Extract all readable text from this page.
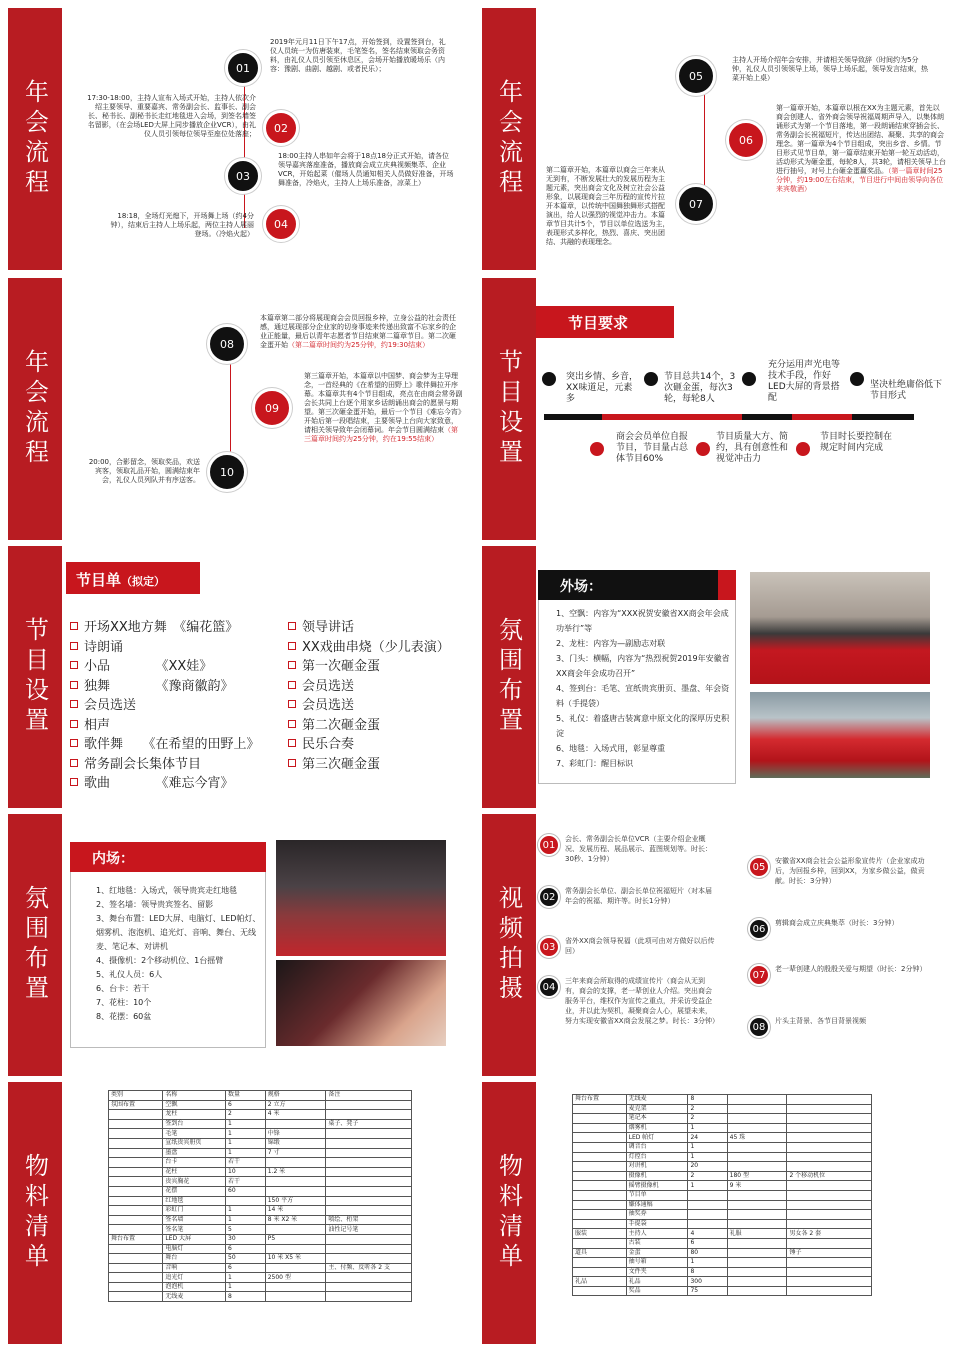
年会流程
01
2019年元月11日下午17点，开始签到，设置签到台，礼仪人员统一为仿唐装束，毛笔签名，签名结束领取会务资料，由礼仪人员引领至休息区，会场开始播放暖场乐（内容：豫剧、曲剧、越剧、或者民乐）；
02
17:30-18:00，主持人宣布入场式开始，主持人依次介绍主要领导、重要嘉宾、常务副会长、监事长、副会长、秘书长、副秘书长走红地毯进入会场，到签名墙签名留影，（在会场LED大屏上同步播放企业VCR），由礼仪人员引领每位领导至座位处落座；
03
18:00主持人串如年会将于18点18分正式开始，请各位领导嘉宾落座准备，播放商会成立庆典视频集萃、企业VCR，开始起菜（催场人员通知相关人员做好准备，开场舞准备，冷焰火，主持人上场乐准备，凉菜上）
04
18:18，全场灯光熄下，开场舞上场（约4分钟），结束后主持人上场乐起，两位主持人展丽登场。（冷焰火起）
年会流程
05
主持人开场介绍年会安排，并请相关领导致辞（时间约为5分钟，礼仪人员引领领导上场，领导上场乐起，领导发言结束，热菜开始上桌）
06
第一篇章开始，本篇章以根在XX为主题元素，首先以商会创建人、省外商会领导祝福周期声导入，以集体朗诵形式为第一个节目落地，第一段朗诵结束穿插会长、常务副会长祝福短片，传达出团结、凝聚、共享的商会理念。第一篇章为4个节目组成，突出乡音、乡情。节目形式见节目单，第一篇章结束开始第一轮互动活动，活动形式为砸金蛋，每轮8人，共3轮，请相关领导上台进行抽号，对号上台砸金蛋赢奖品。（第一篇章时间25分钟，约19:00左右结束，节目进行中间由领导向各位来宾敬酒）
07
第二篇章开始，本篇章以商会三年来从无到有，不断发展壮大的发展历程为主题元素，突出商会文化及树立社会公益形象，以展现商会三年历程的宣传片拉开本篇章，以传统中国舞独舞形式搭配演出，给人以强烈的视觉冲击力。本篇章节目共计5个，节目以单位选送为主，表现形式多样化，热烈、喜庆、突出团结、共融的表现理念。
年会流程
08
本篇章第二部分将展现商会会员回报乡梓，立身公益的社会责任感，通过展现部分企业家的切身事迹来传递出致富不忘家乡的企业正能量，最后以青年志愿者节目结束第二篇章节目。第二次砸金蛋开始（第二篇章时间约为25分钟，约19:30结束）
09
第三篇章开始，本篇章以中国梦、商会梦为主导理念，一首经典的《在希望的田野上》歌伴舞拉开序幕。本篇章共有4个节目组成，亮点在由商会常务副会长共同上台逐个用家乡话朗诵出商会的愿景与期望。第三次砸金蛋开始，最后一个节目《难忘今宵》开始后第一段唱结束，主要领导上台向大家致意，请相关领导致年会闭幕词。年会节目圆满结束（第三篇章时间约为25分钟，约在19:55结束）
10
20:00，合影留念，领取奖品，欢送宾客，领取礼品开始，圆满结束年会，礼仪人员列队并有序送客。
节目设置
节目要求
突出乡情、乡音，XX味道足，元素多
节目总共14个，3次砸金蛋，每次3轮，每轮8人
充分运用声光电等技术手段，作好LED大屏的背景搭配
坚决杜绝庸俗低下节目形式
商会会员单位自报节目，节目量占总体节目60%
节目质量大方、简约，具有创意性和视觉冲击力
节目时长要控制在规定时间内完成
节目设置
节目单（拟定）
开场XX地方舞　《编花篮》
诗朗诵
小品　　　　《XX娃》
独舞　　　　《豫商徽韵》
会员选送
相声
歌伴舞　　《在希望的田野上》
常务副会长集体节目
歌曲　　　　《难忘今宵》
领导讲话
XX戏曲串烧（少儿表演）
第一次砸金蛋
会员选送
会员选送
第二次砸金蛋
民乐合奏
第三次砸金蛋
氛围布置
外场：
1、空飘：内容为“XXX祝贺安徽省XX商会年会成功举行”等
2、龙柱：内容为—副励志对联
3、门头：横幅，内容为“热烈祝贺2019年安徽省XX商会年会成功召开”
4、签到台：毛笔、宣纸贵宾册页、墨盘、年会资料（手提袋）
5、礼仪：着盛唐古装寓意中原文化的深厚历史积淀
6、地毯：入场式用，彰显尊重
7、彩虹门：醒目标识
氛围布置
内场：
1、红地毯：入场式，领导贵宾走红地毯
2、签名墙：领导贵宾签名、留影
3、舞台布置：LED大屏、电脑灯、LED帕灯、烟雾机、泡泡机、追光灯、音响、舞台、无线麦、笔记本、对讲机
4、摄像机：2个移动机位、1台摇臂
5、礼仪人员：6人
6、台卡：若干
7、花柱：10个
8、花摆：60盆
视频拍摄
01
会长、常务副会长单位VCR（主要介绍企业概况、发展历程、展品展示、蓝图规划等。时长：30秒、1分钟）
02
常务副会长单位、副会长单位祝福短片（对本届年会的祝福、期许等。时长1分钟）
03
省外XX商会领导祝福（此项可由对方做好以后传回）
04
三年来商会所取得的成绩宣传片（商会从无到有，商会的支撑，老一辈创业人介绍。突出商会服务平台，维权作为宣传之重点，并采访受益企业，并以此为契机，凝聚商会人心，展望未来，努力实现安徽省XX商会发展之梦。时长：3分钟）
05
安徽省XX商会社会公益形象宣传片（企业家成功后，为回报乡梓，回到XX，为家乡做公益，做贡献。时长：3分钟）
06
剪辑商会成立庆典集萃（时长：3分钟）
07
老一辈创建人的殷殷关爱与期望（时长：2分钟）
08
片头主背景、各节目背景视频
物料清单
类别	名称	数量	规格	备注
氛围布置	空飘	6	2 立方	
	龙柱	2	4 米	
	签到台	1		桌子、凳子
	毛笔	1	中锋	
	宣纸贵宾册页	1	锦缎	
	墨盘	1	7 寸	
	台卡	若干		
	花柱	10	1.2 米	
	贵宾胸花	若干		
	花摆	60		
	红地毯		150 平方	
	彩虹门	1	14 米	
	签名墙	1	8 米 X2 米	喷绘、桁架
	签名笔	5		油性记号笔
舞台布置	LED 大屏	30	P5	
	电脑灯	6		
	舞台	50	10 米 X5 米	
	音响	6		主、付频、反听各 2 支
	追光灯	1	2500 型	
	泡泡机	1		
	无线麦	8		
物料清单
舞台布置	无线麦	8		
	麦克架	2		
	笔记本	2		
	烟雾机	1		
	LED 帕灯	24	45 珠	
	调音台	1		
	灯控台	1		
	对讲机	20		
	摄像机	2	180 型	2 个移动机位
	摇臂摄像机	1	9 米	
	节目单			
	嫌体通稿			
	抽奖券			
	手提袋			
服装	主持人	4	礼服	男女各 2 套
	古装	6		
道具	金蛋	80		锤子
	抽号箱	1		
	文件夹	8		
礼品	礼品	300		
	奖品	75		
